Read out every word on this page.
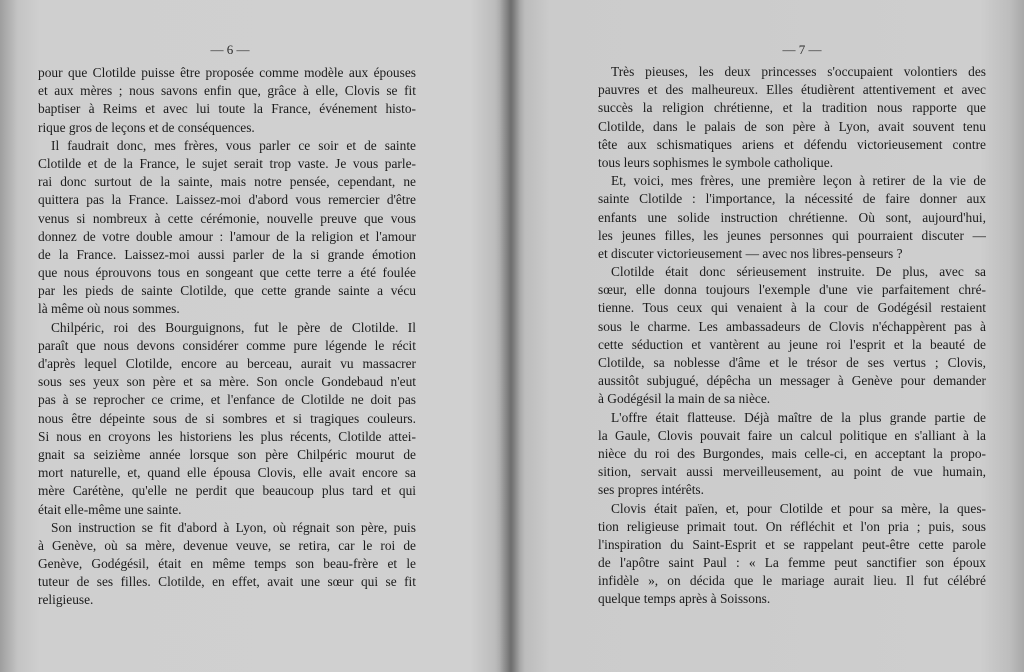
— 6 —
pour que Clotilde puisse être proposée comme modèle aux épouses
et aux mères ; nous savons enfin que, grâce à elle, Clovis se fit
baptiser à Reims et avec lui toute la France, événement histo-
rique gros de leçons et de conséquences.
Il faudrait donc, mes frères, vous parler ce soir et de sainte
Clotilde et de la France, le sujet serait trop vaste. Je vous parle-
rai donc surtout de la sainte, mais notre pensée, cependant, ne
quittera pas la France. Laissez-moi d'abord vous remercier d'être
venus si nombreux à cette cérémonie, nouvelle preuve que vous
donnez de votre double amour : l'amour de la religion et l'amour
de la France. Laissez-moi aussi parler de la si grande émotion
que nous éprouvons tous en songeant que cette terre a été foulée
par les pieds de sainte Clotilde, que cette grande sainte a vécu
là même où nous sommes.
Chilpéric, roi des Bourguignons, fut le père de Clotilde. Il
paraît que nous devons considérer comme pure légende le récit
d'après lequel Clotilde, encore au berceau, aurait vu massacrer
sous ses yeux son père et sa mère. Son oncle Gondebaud n'eut
pas à se reprocher ce crime, et l'enfance de Clotilde ne doit pas
nous être dépeinte sous de si sombres et si tragiques couleurs.
Si nous en croyons les historiens les plus récents, Clotilde attei-
gnait sa seizième année lorsque son père Chilpéric mourut de
mort naturelle, et, quand elle épousa Clovis, elle avait encore sa
mère Carétène, qu'elle ne perdit que beaucoup plus tard et qui
était elle-même une sainte.
Son instruction se fit d'abord à Lyon, où régnait son père, puis
à Genève, où sa mère, devenue veuve, se retira, car le roi de
Genève, Godégésil, était en même temps son beau-frère et le
tuteur de ses filles. Clotilde, en effet, avait une sœur qui se fit
religieuse.
— 7 —
Très pieuses, les deux princesses s'occupaient volontiers des
pauvres et des malheureux. Elles étudièrent attentivement et avec
succès la religion chrétienne, et la tradition nous rapporte que
Clotilde, dans le palais de son père à Lyon, avait souvent tenu
tête aux schismatiques ariens et défendu victorieusement contre
tous leurs sophismes le symbole catholique.
Et, voici, mes frères, une première leçon à retirer de la vie de
sainte Clotilde : l'importance, la nécessité de faire donner aux
enfants une solide instruction chrétienne. Où sont, aujourd'hui,
les jeunes filles, les jeunes personnes qui pourraient discuter —
et discuter victorieusement — avec nos libres-penseurs ?
Clotilde était donc sérieusement instruite. De plus, avec sa
sœur, elle donna toujours l'exemple d'une vie parfaitement chré-
tienne. Tous ceux qui venaient à la cour de Godégésil restaient
sous le charme. Les ambassadeurs de Clovis n'échappèrent pas à
cette séduction et vantèrent au jeune roi l'esprit et la beauté de
Clotilde, sa noblesse d'âme et le trésor de ses vertus ; Clovis,
aussitôt subjugué, dépêcha un messager à Genève pour demander
à Godégésil la main de sa nièce.
L'offre était flatteuse. Déjà maître de la plus grande partie de
la Gaule, Clovis pouvait faire un calcul politique en s'alliant à la
nièce du roi des Burgondes, mais celle-ci, en acceptant la propo-
sition, servait aussi merveilleusement, au point de vue humain,
ses propres intérêts.
Clovis était païen, et, pour Clotilde et pour sa mère, la ques-
tion religieuse primait tout. On réfléchit et l'on pria ; puis, sous
l'inspiration du Saint-Esprit et se rappelant peut-être cette parole
de l'apôtre saint Paul : « La femme peut sanctifier son époux
infidèle », on décida que le mariage aurait lieu. Il fut célébré
quelque temps après à Soissons.
